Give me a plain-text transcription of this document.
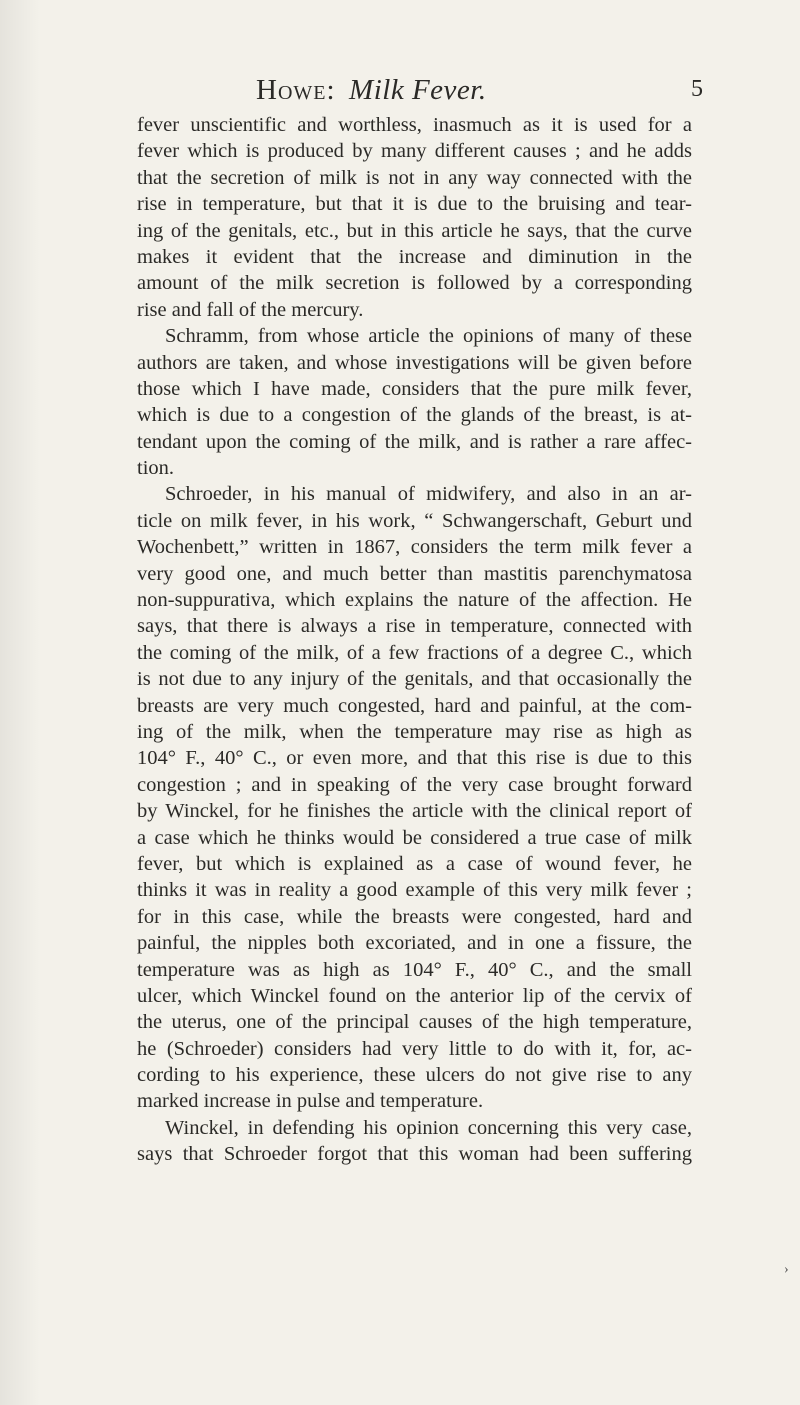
Howe: Milk Fever.	5
fever unscientific and worthless, inasmuch as it is used for a
fever which is produced by many different causes ; and he adds
that the secretion of milk is not in any way connected with the
rise in temperature, but that it is due to the bruising and tear-
ing of the genitals, etc., but in this article he says, that the curve
makes it evident that the increase and diminution in the
amount of the milk secretion is followed by a corresponding
rise and fall of the mercury.
Schramm, from whose article the opinions of many of these
authors are taken, and whose investigations will be given before
those which I have made, considers that the pure milk fever,
which is due to a congestion of the glands of the breast, is at-
tendant upon the coming of the milk, and is rather a rare affec-
tion.
Schroeder, in his manual of midwifery, and also in an ar-
ticle on milk fever, in his work, “ Schwangerschaft, Geburt und
Wochenbett,” written in 1867, considers the term milk fever a
very good one, and much better than mastitis parenchymatosa
non-suppurativa, which explains the nature of the affection. He
says, that there is always a rise in temperature, connected with
the coming of the milk, of a few fractions of a degree C., which
is not due to any injury of the genitals, and that occasionally the
breasts are very much congested, hard and painful, at the com-
ing of the milk, when the temperature may rise as high as
104° F., 40° C., or even more, and that this rise is due to this
congestion ; and in speaking of the very case brought forward
by Winckel, for he finishes the article with the clinical report of
a case which he thinks would be considered a true case of milk
fever, but which is explained as a case of wound fever, he
thinks it was in reality a good example of this very milk fever ;
for in this case, while the breasts were congested, hard and
painful, the nipples both excoriated, and in one a fissure, the
temperature was as high as 104° F., 40° C., and the small
ulcer, which Winckel found on the anterior lip of the cervix of
the uterus, one of the principal causes of the high temperature,
he (Schroeder) considers had very little to do with it, for, ac-
cording to his experience, these ulcers do not give rise to any
marked increase in pulse and temperature.
Winckel, in defending his opinion concerning this very case,
says that Schroeder forgot that this woman had been suffering
›
